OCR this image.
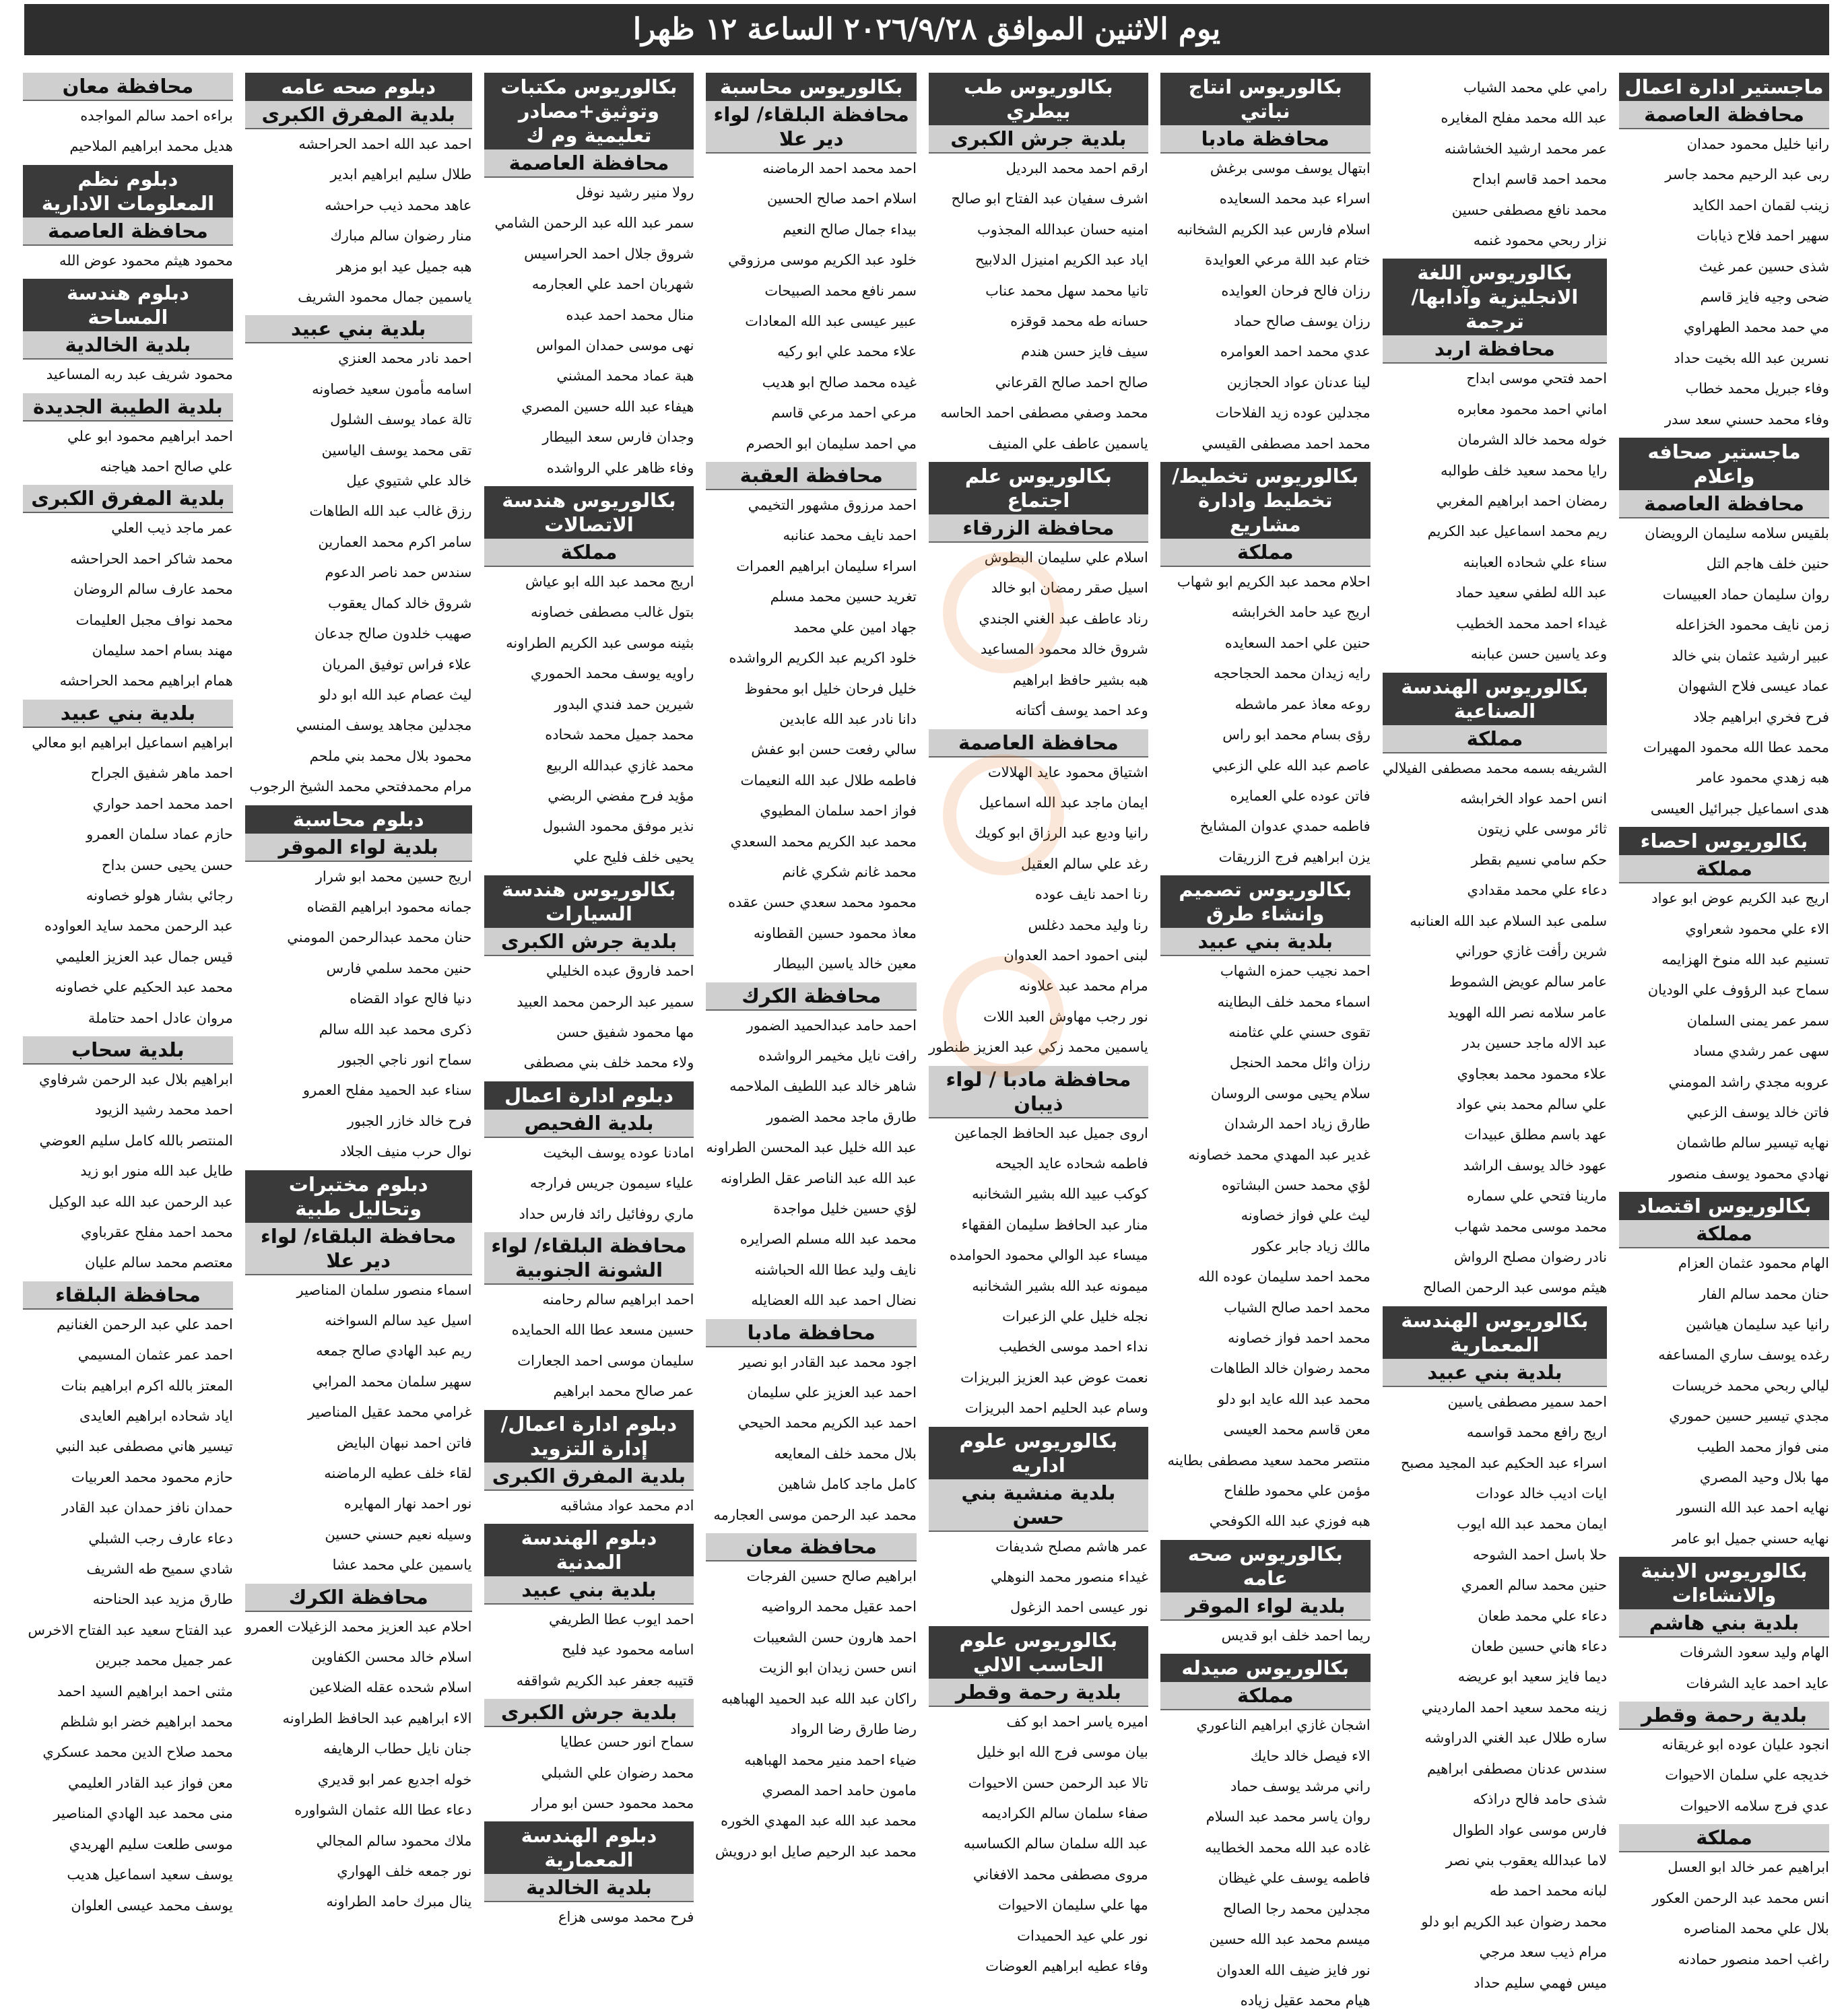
يوم الاثنين الموافق ٢٠٢٦/٩/٢٨ الساعة ١٢ ظهرا
ماجستير ادارة اعمال
محافظة العاصمة
رانيا خليل محمود حمدان
ربى عبد الرحيم محمد جاسر
زينب لقمان احمد الكايد
سهير احمد فلاح ذيابات
شذى حسين عمر غيث
ضحى وجيه فايز قاسم
مي حمد محمد الطهراوي
نسرين عبد الله بخيت حداد
وفاء جبريل محمد خطاب
وفاء محمد حسني سعد سدر
ماجستير صحافه واعلام
محافظة العاصمة
بلقيس سلامه سليمان الرويضان
حنين خلف هاجم التل
روان سليمان حماد العبيسات
زمن نايف محمود الخزاعله
عبير ارشيد عثمان بني خالد
عماد عيسى فلاح الشهوان
فرح فخري ابراهيم جلاد
محمد عطا الله محمود المهيرات
هبه زهدي محمود عامر
هدى اسماعيل جبرائيل العيسى
بكالوريوس احصاء
مملكة
اريج عبد الكريم عوض ابو عواد
الاء علي محمود شعراوي
تسنيم عبد الله منوخ الهزايمه
سماح عبد الرؤوف علي الوديان
سمر عمر يمنى السلمان
سهى عمر رشدي مساد
عروبه مجدي راشد المومني
فاتن خالد يوسف الزعبي
نهايه تيسير سالم طاشمان
نهادي محمود يوسف منصور
بكالوريوس اقتصاد
مملكة
الهام محمود عثمان العزام
حنان محمد سالم الفار
رانيا عيد سليمان هياشين
رغده يوسف ساري المساعفه
ليالي ربحي محمد خريسات
مجدي تيسير حسين حموري
منى فواز محمد الطيب
مها بلال وحيد المصري
نهايه احمد عبد الله النسور
نهايه حسني جميل ابو عامر
بكالوريوس الابنية والانشاءات
بلدية بني هاشم
الهام وليد سعود الشرفات
عايد احمد عايد الشرفات
بلدية رحمة وقطر
انجود عليان عوده ابو غريقانه
خديجه علي سلمان الاحيوات
عدي فرج سلامه الاحيوات
مملكة
ابراهيم عمر خالد ابو العسل
انس محمد عبد الرحمن العكور
بلال علي محمد المناصره
راغب احمد منصور حمادنه
رامي علي محمد الشياب
عبد الله محمد مفلح المغايره
عمر محمد ارشيد الخشاشنه
محمد احمد قاسم ابداح
محمد نافع مصطفى حسين
نزار ربحي محمود غنمه
بكالوريوس اللغة الانجليزية وآدابها/ ترجمة
محافظة اربد
احمد فتحي موسى ابداح
اماني احمد محمود معابره
خوله محمد خالد الشرمان
رايا محمد سعيد خلف طوالبه
رمضان احمد ابراهيم المغربي
ريم محمد اسماعيل عبد الكريم
سناء علي شحاده العبابنه
عبد الله لطفي سعيد حماد
غيداء احمد محمد الخطيب
وعد ياسين حسن عبابنه
بكالوريوس الهندسة الصناعية
مملكة
الشريفه بسمه محمد مصطفى الفيلالي
انس احمد عواد الخرابشه
ثائر موسى علي زيتون
حكم سامي نسيم بقطر
دعاء علي محمد مقدادي
سلمى عبد السلام عبد الله العنانبه
شرين رأفت غازي حوراني
عامر سالم عويض الشموط
عامر سلامه نصر الله الهويد
عبد الاله ماجد حسين بدر
علاء محمود محمد بعجاوي
علي سالم محمد بني عواد
عهد باسم مطلق عبيدات
عهود خالد يوسف الراشد
مارينا فتحي علي سماره
محمد موسى محمد شهاب
نادر رضوان مصلح الرواش
هيثم موسى عبد الرحمن الصالح
بكالوريوس الهندسة المعمارية
بلدية بني عبيد
احمد سمير مصطفى ياسين
اريج رافع محمد قواسمه
اسراء عبد الحكيم عبد المجيد مصبح
ايات اديب خالد عودات
ايمان محمد عبد الله ايوب
حلا باسل احمد الشوحه
حنين محمد سالم العمري
دعاء علي محمد طعان
دعاء هاني حسين طعان
ديما فايز سعيد ابو عريضه
زينه محمد سعيد احمد المارديني
ساره طلال عبد الغني الدراوشه
سندس عدنان مصطفى ابراهيم
شذى حامد فالح دراذكه
فارس موسى عواد الطوال
لاما عبدالله يعقوب بني نصر
لبانه محمد احمد طه
محمد رضوان عبد الكريم ابو دلو
مرام ذيب سعد مرجي
ميس فهمي سليم حداد
بكالوريوس انتاج نباتي
محافظة مادبا
ابتهال يوسف موسى برغش
اسراء عبد محمد السعايده
اسلام فارس عبد الكريم الشخانبه
ختام عبد اللة مرعي العوايدة
رزان فالح فرحان العوايده
رزان يوسف صالح حماد
عدي محمد احمد العوامره
لينا عدنان عواد الحجازين
مجدلين عوده زيد الفلاحات
محمد احمد مصطفى القيسي
بكالوريوس تخطيط/ تخطيط وادارة مشاريع
مملكة
احلام محمد عبد الكريم ابو شهاب
اريج عيد حامد الخرابشه
حنين علي احمد السعايده
رايه زيدان محمد الحجاحجه
روعه معاذ عمر ماشطه
رؤى بسام محمد ابو راس
عاصم عبد الله علي الزعبي
فاتن عوده علي العمايره
فاطمه حمدي عدوان المشايخ
يزن ابراهيم فرج الزريقات
بكالوريوس تصميم وانشاء طرق
بلدية بني عبيد
احمد نجيب حمزه الشهاب
اسماء محمد خلف البطاينه
تقوى حسني علي عثامنه
رزان وائل محمد الحنجل
سلام يحيى موسى الروسان
طارق زياد احمد الرشدان
غدير عبد المهدي محمد خصاونه
لؤي محمد حسن البشاتوه
ليث علي فواز خصاونه
مالك زياد جابر عكور
محمد احمد سليمان عوده الله
محمد احمد صالح الشياب
محمد احمد فواز خصاونه
محمد رضوان خالد الطاهات
محمد عبد الله عايد ابو دلو
معن قاسم محمد العيسى
منتصر محمد سعيد مصطفى بطاينه
مؤمن علي محمود طلفاح
هبه فوزي عبد الله الكوفحي
بكالوريوس صحه عامه
بلدية لواء الموقر
ريما احمد خلف ابو قديس
بكالوريوس صيدله
مملكة
اشجان غازي ابراهيم الناعوري
الاء فيصل خالد حايك
راني مرشد يوسف حماد
روان ياسر محمد عبد السلام
غاده عبد الله محمد الخطايبه
فاطمه يوسف علي غيظان
مجدلين محمد رجا الصالح
ميسم محمد عبد الله حسين
نور فايز ضيف الله العدوان
هيام محمد عقيل زياده
بكالوريوس طب بيطري
بلدية جرش الكبرى
ارقم احمد محمد البرديل
اشرف سفيان عبد الفتاح ابو صالح
امنيه حسان عبدالله المجذوب
اياد عبد الكريم امنيزل الدلابيح
تانيا محمد سهل محمد عناب
حسانه طه محمد قوقزه
سيف فايز حسن هندم
صالح احمد صالح القرعاني
محمد وصفي مصطفى احمد الحاسه
ياسمين عاطف علي المنيف
بكالوريوس علم اجتماع
محافظة الزرقاء
اسلام علي سليمان البطوش
اسيل صقر رمضان ابو خالد
رناد عاطف عبد الغني الجندي
شروق خالد محمود المساعيد
هبه بشير حافظ ابراهيم
وعد احمد يوسف أكتانه
محافظة العاصمة
اشتياق محمود عايد الهلالات
ايمان ماجد عبد الله اسماعيل
رانيا وديع عبد الرزاق ابو كويك
رغد علي سالم العقيل
رنا احمد نايف عوده
رنا وليد محمد دغلس
لبنى احمود احمد العدوان
مرام محمد عبد علاونه
نور رجب مهاوش العبد اللات
ياسمين محمد زكي عبد العزيز طنطور
محافظة مادبا / لواء ذيبان
اروى جميل عبد الحافظ الجماعين
فاطمه شحاده عايد الجيحه
كوكب عبيد الله بشير الشخانبه
منار عبد الحافظ سليمان الفقهاء
ميساء عبد الوالي محمود الحوامده
ميمونه عبد الله بشير الشخانبه
نجله خليل علي الزعبرات
نداء احمد موسى الخطيب
نعمت عوض عبد العزيز البريزات
وسام عبد الحليم احمد البريزات
بكالوريوس علوم اداريه
بلدية منشية بني حسن
عمر هاشم مصلح شديفات
غيداء منصور محمد النوهلي
نور عيسى احمد الزغول
بكالوريوس علوم الحاسب الالي
بلدية رحمة وقطر
اميره ياسر احمد ابو كف
بيان موسى فرج الله ابو خليل
تالا عبد الرحمن حسن الاحيوات
صفاء سلمان سالم الكراديمه
عبد الله سلمان سالم الكساسبه
مروى مصطفى محمد الافغاني
مها علي سليمان الاحيوات
نور علي عيد الحميدات
وفاء عطيه ابراهيم العوضات
بكالوريوس محاسبة
محافظة البلقاء/ لواء دير علا
احمد محمد احمد الرماضنه
اسلام احمد صالح الحسين
بيداء جمال صالح النعيم
خلود عبد الكريم موسى مرزوقي
سمر نافع محمد الصبيحات
عبير عيسى عبد الله المعادات
علاء محمد علي ابو ركيه
غيده محمد صالح ابو هديب
مرعي احمد مرعي قاسم
مي احمد سليمان ابو الحصرم
محافظة العقبة
احمد مرزوق مشهور التخيمي
احمد نايف محمد عنانبه
اسراء سليمان ابراهيم العمرات
تغريد حسين محمد مسلم
جهاد امين علي محمد
خلود اكريم عبد الكريم الرواشده
خليل فرحان خليل ابو محفوظ
دانا نادر عبد الله عابدين
سالي رفعت حسن ابو عفش
فاطمه طلال عبد الله النعيمات
فواز احمد سلمان المطيوي
محمد عبد الكريم محمد السعدي
محمد غانم شكري غانم
محمود محمد سعدي حسن عقده
معاذ محمود حسين القطاونه
معين خالد ياسين البيطار
محافظة الكرك
احمد حامد عبدالحميد الضمور
رافت نايل مخيمر الرواشده
شاهر خالد عبد اللطيف الملاحمه
طارق ماجد محمد الضمور
عبد الله خليل عبد المحسن الطراونه
عبد الله عبد الناصر عقل الطراونه
لؤي حسين خليل مواجدة
محمد عبد الله مسلم الصرايره
نايف وليد عطا الله الحباشنه
نضال احمد عبد الله العضايله
محافظة مادبا
اجود محمد عبد القادر ابو نصير
احمد عبد العزيز علي سليمان
احمد عبد الكريم محمد الحيحي
بلال محمد خلف المعايعه
كامل ماجد كامل شاهين
محمد عبد الرحمن موسى العجارمه
محافظة معان
ابراهيم صالح حسين الفرجات
احمد عقيل محمد الرواضيه
احمد هارون حسن الشعيبات
انس حسن زيدان ابو الزيت
راكان عبد الله عبد الحميد الهباهبه
رضا طارق رضا الرواد
ضياء احمد منير محمد الهباهبه
مامون حامد احمد المصري
محمد عبد الله عبد المهدي الخوره
محمد عبد الرحيم صايل ابو درويش
بكالوريوس مكتبات وتوثيق+مصادر تعليمية وم ك
محافظة العاصمة
رولا منير رشيد نوفل
سمر عبد الله عبد الرحمن الشامي
شروق جلال احمد الحراسيس
شهربان احمد علي العجارمه
منال محمد احمد عبده
نهى موسى حمدان المواس
هبة عماد محمد المشني
هيفاء عبد الله حسين المصري
وجدان فارس سعد البيطار
وفاء ظاهر علي الرواشده
بكالوريوس هندسة الاتصالات
مملكة
اريج محمد عبد الله ابو عياش
بتول غالب مصطفى خصاونه
بثينه موسى عبد الكريم الطراونه
راويه يوسف محمد الحموري
شيرين حمد فندي البدور
محمد جميل محمد شحاده
محمد غازي عبدالله الربيع
مؤيد فرح مفضي الربضي
نذير موفق محمود الشبول
يحيى خلف فليح علي
بكالوريوس هندسة السيارات
بلدية جرش الكبرى
احمد فاروق عبده الخليلي
سمير عبد الرحمن محمد العبيد
مها محمود شفيق حسن
ولاء محمد خلف بني مصطفى
دبلوم ادارة اعمال
بلدية الفحيص
امادنا عوده يوسف البخيت
علياء سيمون جريس فرارجه
ماري روفائيل رائد فارس حداد
محافظة البلقاء/ لواء الشونة الجنوبية
احمد ابراهيم سالم رحامنه
حسين مسعد عطا الله الحمايده
سليمان موسى احمد الجعارات
عمر صالح محمد ابراهيم
دبلوم ادارة اعمال/ إدارة التزويد
بلدية المفرق الكبرى
ادم محمد عواد مشاقبه
دبلوم الهندسة المدنية
بلدية بني عبيد
احمد ايوب عطا الطريفي
اسامه محمود عيد فليح
قتيبه جعفر عبد الكريم شواقفه
بلدية جرش الكبرى
سماح انور حسن عطايا
محمد رضوان علي الشبلي
محمد محمود حسن ابو مرار
دبلوم الهندسة المعمارية
بلدية الخالدية
فرح محمد موسى هزاع
دبلوم صحه عامه
بلدية المفرق الكبرى
احمد عبد الله احمد الحراحشه
طلال سليم ابراهيم ابدير
عاهد محمد ذيب حراحشه
منار رضوان سالم مبارك
هبه جميل عيد ابو مزهر
ياسمين جمال محمود الشريف
بلدية بني عبيد
احمد نادر محمد العنزي
اسامه مأمون سعيد خصاونه
تالة عماد يوسف الشلول
تقى محمد يوسف الياسين
خالد علي شتيوي عيل
رزق غالب عبد الله الطاهات
سامر اكرم محمد العمارين
سندس حمد ناصر الدعوم
شروق خالد كمال يعقوب
صهيب خلدون صالح جدعان
علاء فراس توفيق المريان
ليث عصام عبد الله ابو دلو
مجدلين مجاهد يوسف المنسي
محمود بلال محمد بني ملحم
مرام محمدفتحي محمد الشيخ الرجوب
دبلوم محاسبة
بلدية لواء الموقر
اريج حسين محمد ابو شرار
جمانه محمود ابراهيم القضاه
حنان محمد عبدالرحمن المومني
حنين محمد سلمي فارس
دنيا فالح عواد القضاه
ذكرى محمد عبد الله سالم
سماح انور ناجي الجبور
سناء عبد الحميد مفلح العمرو
فرح خالد خازر الجبور
نوال حرب منيف الجلاد
دبلوم مختبرات وتحاليل طبية
محافظة البلقاء/ لواء دير علا
اسماء منصور سلمان المناصير
اسيل عيد سالم السواخنه
ريم عبد الهادي صالح جمعه
سهير سلمان محمد المرابي
غرامي محمد عقيل المناصير
فاتن احمد نبهان البايض
لقاء خلف عطيه الرماضنه
نور احمد نهار المهايره
وسيله نعيم حسني حسين
ياسمين علي محمد عشا
محافظة الكرك
احلام عبد العزيز محمد الزغيلات العمرو
اسلام خالد محسن الكفاوين
اسلام شحده عقله الضلاعين
الاء ابراهيم عبد الحافظ الطراونه
جنان نايل حطاب الرهايفه
خوله اجديع عمر ابو قديري
دعاء عطا الله عثمان الشواوره
ملاك محمود سالم المجالي
نور جمعه خلف الهواري
ينال مبرك حامد الطراونه
محافظة معان
براءه احمد سالم المواجده
هديل محمد ابراهيم الملاحيم
دبلوم نظم المعلومات الادارية
محافظة العاصمة
محمود هيثم محمود عوض الله
دبلوم هندسة المساحة
بلدية الخالدية
محمود شريف عبد ربه المساعيد
بلدية الطيبة الجديدة
احمد ابراهيم محمود ابو علي
علي صالح احمد هياجنه
بلدية المفرق الكبرى
عمر ماجد ذيب العلي
محمد شاكر احمد الحراحشه
محمد عارف سالم الروضان
محمد نواف مجبل العليمات
مهند بسام احمد سليمان
همام ابراهيم محمد الحراحشه
بلدية بني عبيد
ابراهيم اسماعيل ابراهيم ابو معالي
احمد ماهر شفيق الجراح
احمد محمد احمد حواري
حازم عماد سلمان العمرو
حسن يحيى حسن بداح
رجائي بشار هولو خصاونه
عبد الرحمن محمد سايد العواوده
قيس جمال عبد العزيز العليمي
محمد عبد الحكيم علي خصاونه
مروان عادل احمد حتاملة
بلدية سحاب
ابراهيم بلال عبد الرحمن شرفاوي
احمد محمد رشيد الزيود
المنتصر بالله كامل سليم العوضي
طايل عبد الله منور ابو زيد
عبد الرحمن عبد الله عبد الوكيل
محمد احمد مفلح عقرباوي
معتصم محمد سالم عليان
محافظة البلقاء
احمد علي عبد الرحمن الغنانيم
احمد عمر عثمان المسيمي
المعتز بالله اكرم ابراهيم بنات
اياد شحاده ابراهيم العايدى
تيسير هاني مصطفى عبد النبي
حازم محمود محمد العربيات
حمدان نافز حمدان عبد القادر
دعاء عارف رجب الشبلي
شادي سميح طه الشريف
طارق مزيد عبد الحناحنه
عبد الفتاح سعيد عبد الفتاح الاخرس
عمر جميل محمد جبرين
مثنى احمد ابراهيم السيد احمد
محمد ابراهيم خضر ابو شلظم
محمد صلاح الدين محمد عسكري
معن فواز عبد القادر العليمي
منى محمد عبد الهادي المناصير
موسى طلعت سليم الهريدي
يوسف سعيد اسماعيل هديب
يوسف محمد عيسى العلوان
